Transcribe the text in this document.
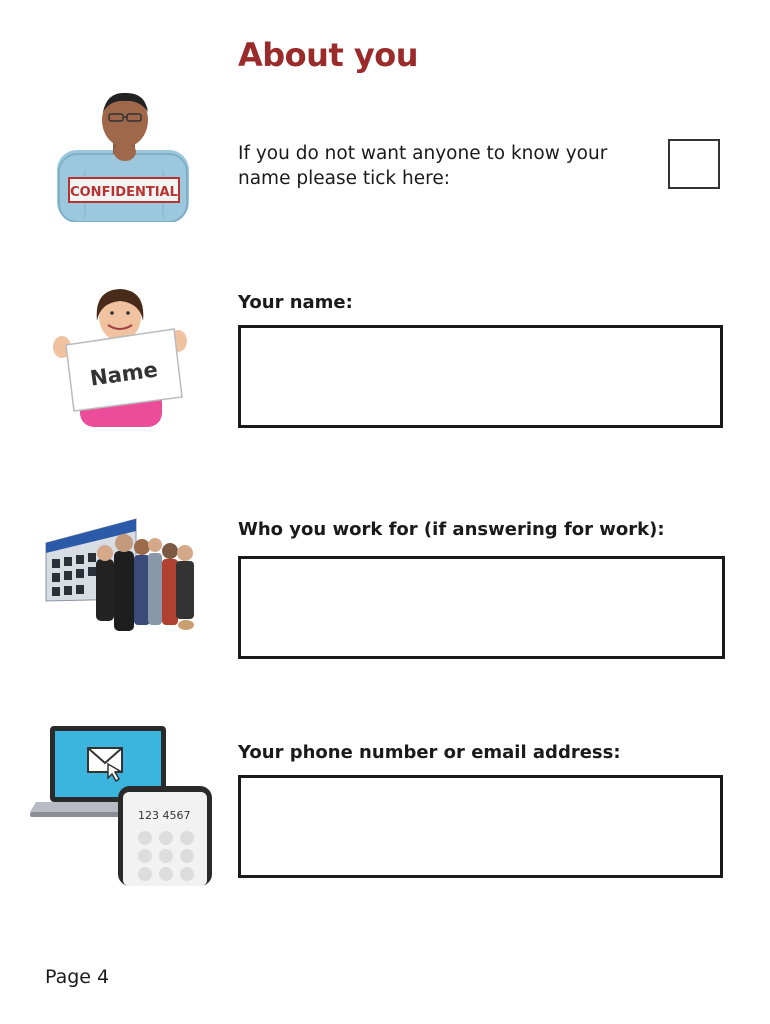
About you
CONFIDENTIAL
If you do not want anyone to know your
name please tick here:
Name
Your name:
Who you work for (if answering for work):
123 4567
Your phone number or email address:
Page 4
